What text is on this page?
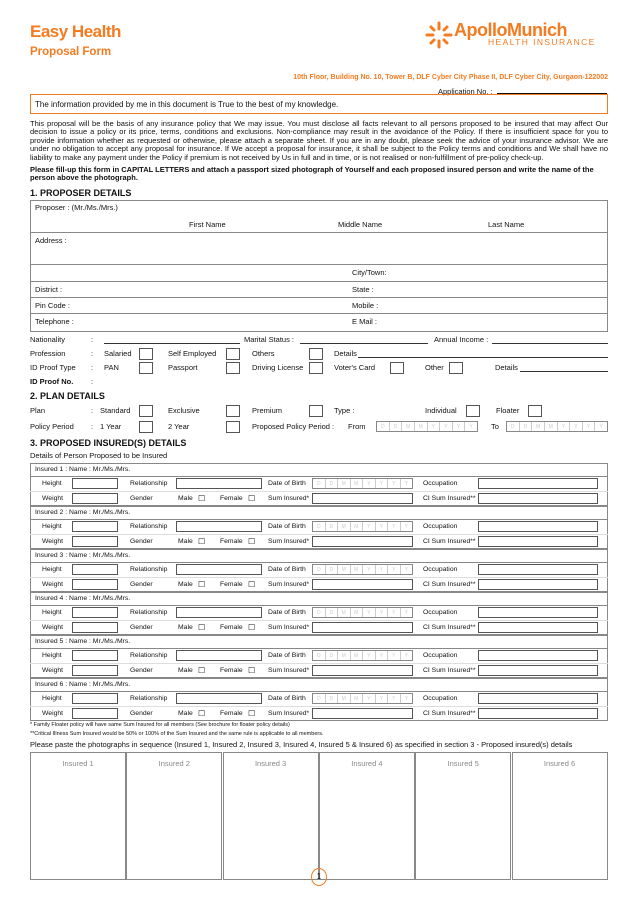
Easy Health
Proposal Form
ApolloMunich
HEALTH INSURANCE
10th Floor, Building No. 10, Tower B, DLF Cyber City Phase II, DLF Cyber City, Gurgaon-122002
Application No. :
The information provided by me in this document is True to the best of my knowledge.
This proposal will be the basis of any insurance policy that We may issue. You must disclose all facts relevant to all persons proposed to be insured that may affect Our decision to issue a policy or its price, terms, conditions and exclusions. Non-compliance may result in the avoidance of the Policy. If there is insufficient space for you to provide information whether as requested or otherwise, please attach a separate sheet. If you are in any doubt, please seek the advice of your insurance advisor. We are under no obligation to accept any proposal for insurance. If We accept a proposal for insurance, it shall be subject to the Policy terms and conditions and We shall have no liability to make any payment under the Policy if premium is not received by Us in full and in time, or is not realised or non-fulfillment of pre-policy check-up.
Please fill-up this form in CAPITAL LETTERS and attach a passport sized photograph of Yourself and each proposed insured person and write the name of the person above the photograph.
1. PROPOSER DETAILS
Proposer : (Mr./Ms./Mrs.)
First Name	Middle Name	Last Name
Address :
City/Town:
District :	State :
Pin Code :	Mobile :
Telephone :	E Mail :
Nationality	:	Marital Status :	Annual Income :
Profession	: Salaried	Self Employed	Others	Details
ID Proof Type : PAN	Passport	Driving License	Voter's Card	Other	Details
ID Proof No. :
2. PLAN DETAILS
Plan	: Standard	Exclusive	Premium	Type :	Individual	Floater
Policy Period : 1 Year	2 Year	Proposed Policy Period : From	D	D	M	M	Y	Y	Y	Y	To	D	D	M	M	Y	Y	Y	Y
3. PROPOSED INSURED(S) DETAILS
Details of Person Proposed to be Insured
Insured 1 : Name : Mr./Ms./Mrs.
Height	Relationship	Date of Birth	D	D	M	M	Y	Y	Y	Y	Occupation
Weight	Gender	Male ☐ Female ☐ Sum Insured*	CI Sum Insured**
Insured 2 : Name : Mr./Ms./Mrs.
Height	Relationship	Date of Birth	D	D	M	M	Y	Y	Y	Y	Occupation
Weight	Gender	Male ☐ Female ☐ Sum Insured*	CI Sum Insured**
Insured 3 : Name : Mr./Ms./Mrs.
Height	Relationship	Date of Birth	D	D	M	M	Y	Y	Y	Y	Occupation
Weight	Gender	Male ☐ Female ☐ Sum Insured*	CI Sum Insured**
Insured 4 : Name : Mr./Ms./Mrs.
Height	Relationship	Date of Birth	D	D	M	M	Y	Y	Y	Y	Occupation
Weight	Gender	Male ☐ Female ☐ Sum Insured*	CI Sum Insured**
Insured 5 : Name : Mr./Ms./Mrs.
Height	Relationship	Date of Birth	D	D	M	M	Y	Y	Y	Y	Occupation
Weight	Gender	Male ☐ Female ☐ Sum Insured*	CI Sum Insured**
Insured 6 : Name : Mr./Ms./Mrs.
Height	Relationship	Date of Birth	D	D	M	M	Y	Y	Y	Y	Occupation
Weight	Gender	Male ☐ Female ☐ Sum Insured*	CI Sum Insured**
* Family Floater policy will have same Sum Insured for all members (See brochure for floater policy details)
**Critical Illness Sum Insured would be 50% or 100% of the Sum Insured and the same rule is applicable to all members.
Please paste the photographs in sequence (Insured 1, Insured 2, Insured 3, Insured 4, Insured 5 & Insured 6) as specified in section 3 - Proposed insured(s) details
Insured 1	Insured 2	Insured 3	Insured 4	Insured 5	Insured 6
1
